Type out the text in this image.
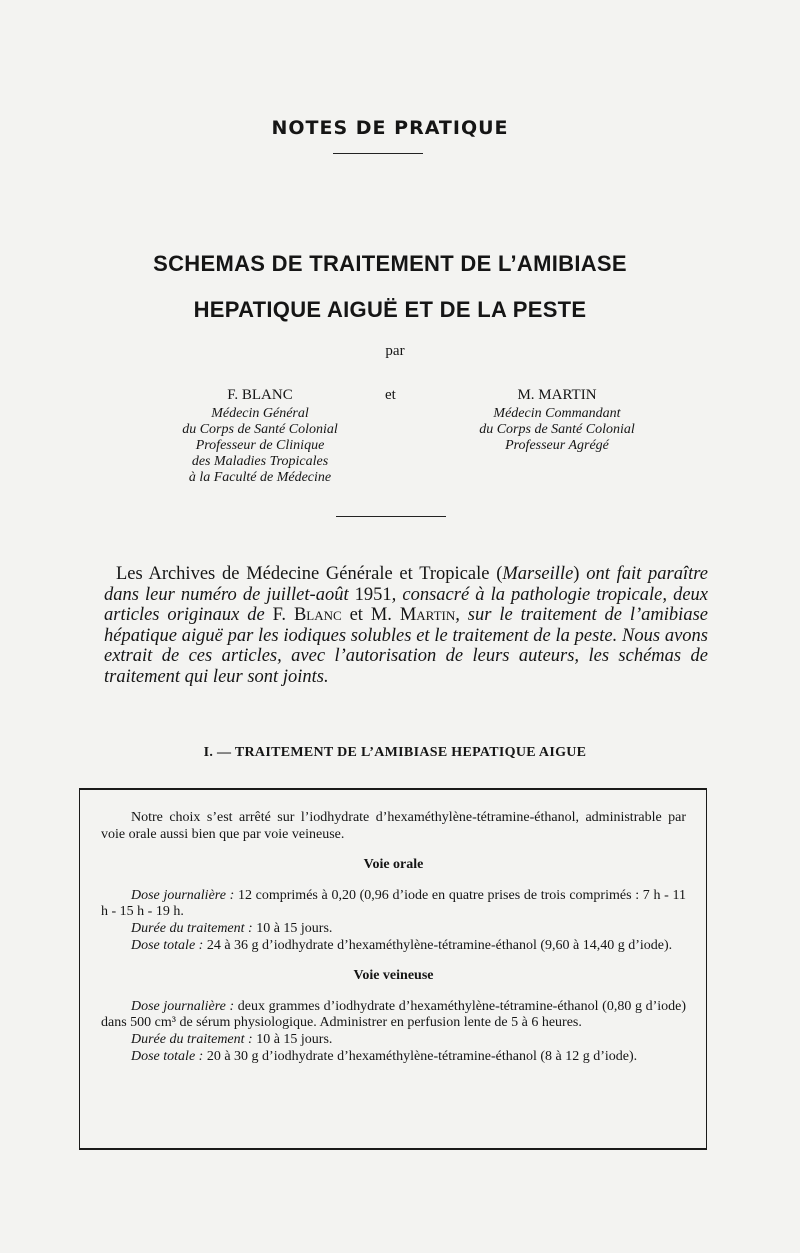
NOTES DE PRATIQUE
SCHEMAS DE TRAITEMENT DE L’AMIBIASE
HEPATIQUE AIGUË ET DE LA PESTE
par
F. BLANC
Médecin Général
du Corps de Santé Colonial
Professeur de Clinique
des Maladies Tropicales
à la Faculté de Médecine
et	M. MARTIN
Médecin Commandant
du Corps de Santé Colonial
Professeur Agrégé
Les Archives de Médecine Générale et Tropicale (Marseille) ont fait paraître dans leur numéro de juillet-août 1951, consacré à la pathologie tropicale, deux articles originaux de F. Blanc et M. Martin, sur le traitement de l’amibiase hépatique aiguë par les iodiques solubles et le traitement de la peste. Nous avons extrait de ces articles, avec l’autorisation de leurs auteurs, les schémas de traitement qui leur sont joints.
I. — TRAITEMENT DE L’AMIBIASE HEPATIQUE AIGUE

Notre choix s’est arrêté sur l’iodhydrate d’hexaméthylène-tétramine-éthanol, administrable par voie orale aussi bien que par voie veineuse.

Voie orale

Dose journalière : 12 comprimés à 0,20 (0,96 d’iode en quatre prises de trois comprimés : 7 h - 11 h - 15 h - 19 h.

Durée du traitement : 10 à 15 jours.

Dose totale : 24 à 36 g d’iodhydrate d’hexaméthylène-tétramine-éthanol (9,60 à 14,40 g d’iode).

Voie veineuse

Dose journalière : deux grammes d’iodhydrate d’hexaméthylène-tétramine-éthanol (0,80 g d’iode) dans 500 cm³ de sérum physiologique. Administrer en perfusion lente de 5 à 6 heures.

Durée du traitement : 10 à 15 jours.

Dose totale : 20 à 30 g d’iodhydrate d’hexaméthylène-tétramine-éthanol (8 à 12 g d’iode).
